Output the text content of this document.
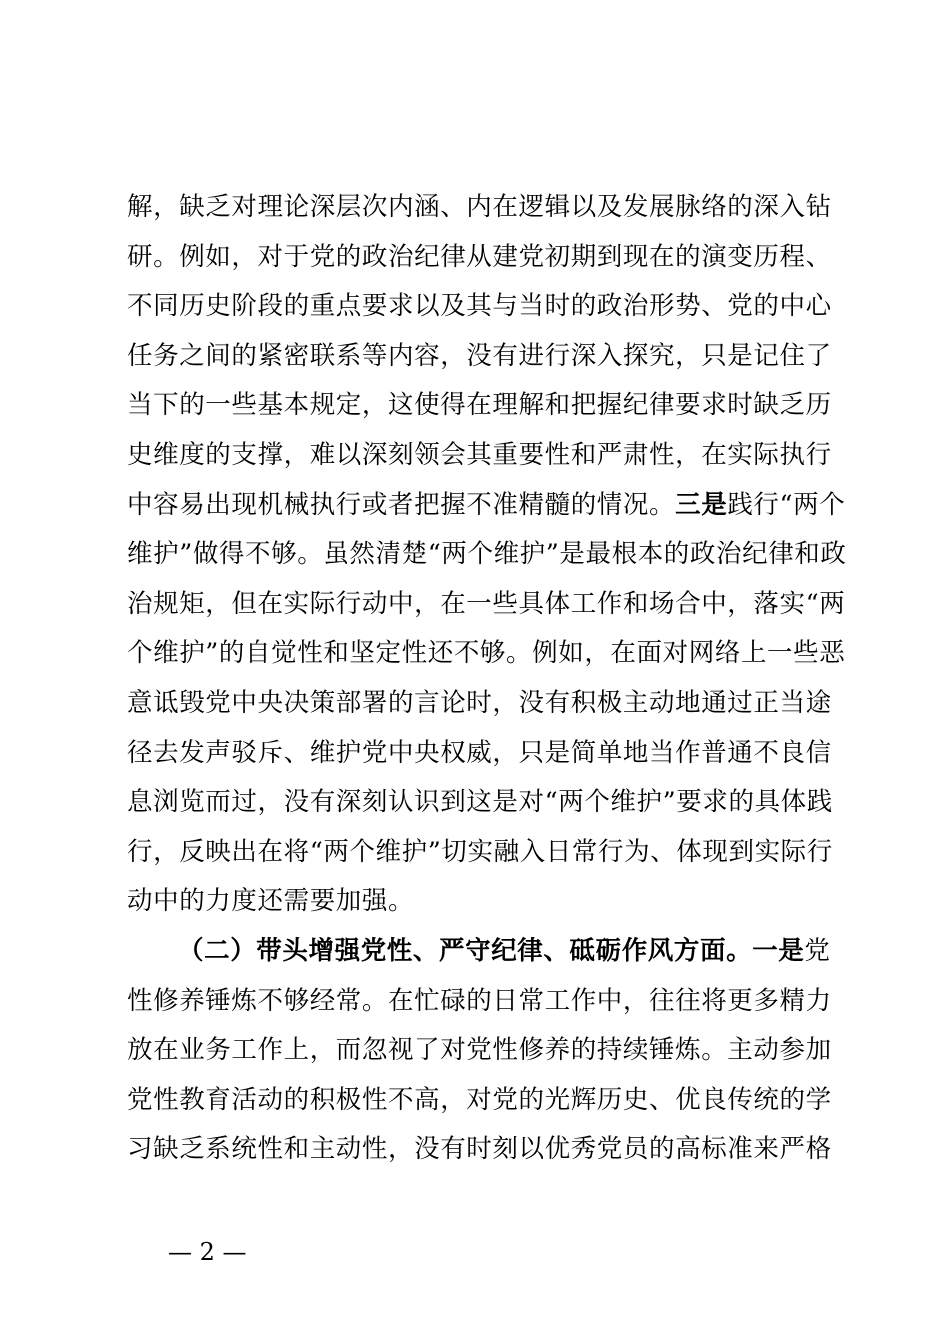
解，缺乏对理论深层次内涵、内在逻辑以及发展脉络的深入钻
研。例如，对于党的政治纪律从建党初期到现在的演变历程、
不同历史阶段的重点要求以及其与当时的政治形势、党的中心
任务之间的紧密联系等内容，没有进行深入探究，只是记住了
当下的一些基本规定，这使得在理解和把握纪律要求时缺乏历
史维度的支撑，难以深刻领会其重要性和严肃性，在实际执行
中容易出现机械执行或者把握不准精髓的情况。三是践行“两个
维护”做得不够。虽然清楚“两个维护”是最根本的政治纪律和政
治规矩，但在实际行动中，在一些具体工作和场合中，落实“两
个维护”的自觉性和坚定性还不够。例如，在面对网络上一些恶
意诋毁党中央决策部署的言论时，没有积极主动地通过正当途
径去发声驳斥、维护党中央权威，只是简单地当作普通不良信
息浏览而过，没有深刻认识到这是对“两个维护”要求的具体践
行，反映出在将“两个维护”切实融入日常行为、体现到实际行
动中的力度还需要加强。
（二）带头增强党性、严守纪律、砥砺作风方面。一是党
性修养锤炼不够经常。在忙碌的日常工作中，往往将更多精力
放在业务工作上，而忽视了对党性修养的持续锤炼。主动参加
党性教育活动的积极性不高，对党的光辉历史、优良传统的学
习缺乏系统性和主动性，没有时刻以优秀党员的高标准来严格
— 2 —
